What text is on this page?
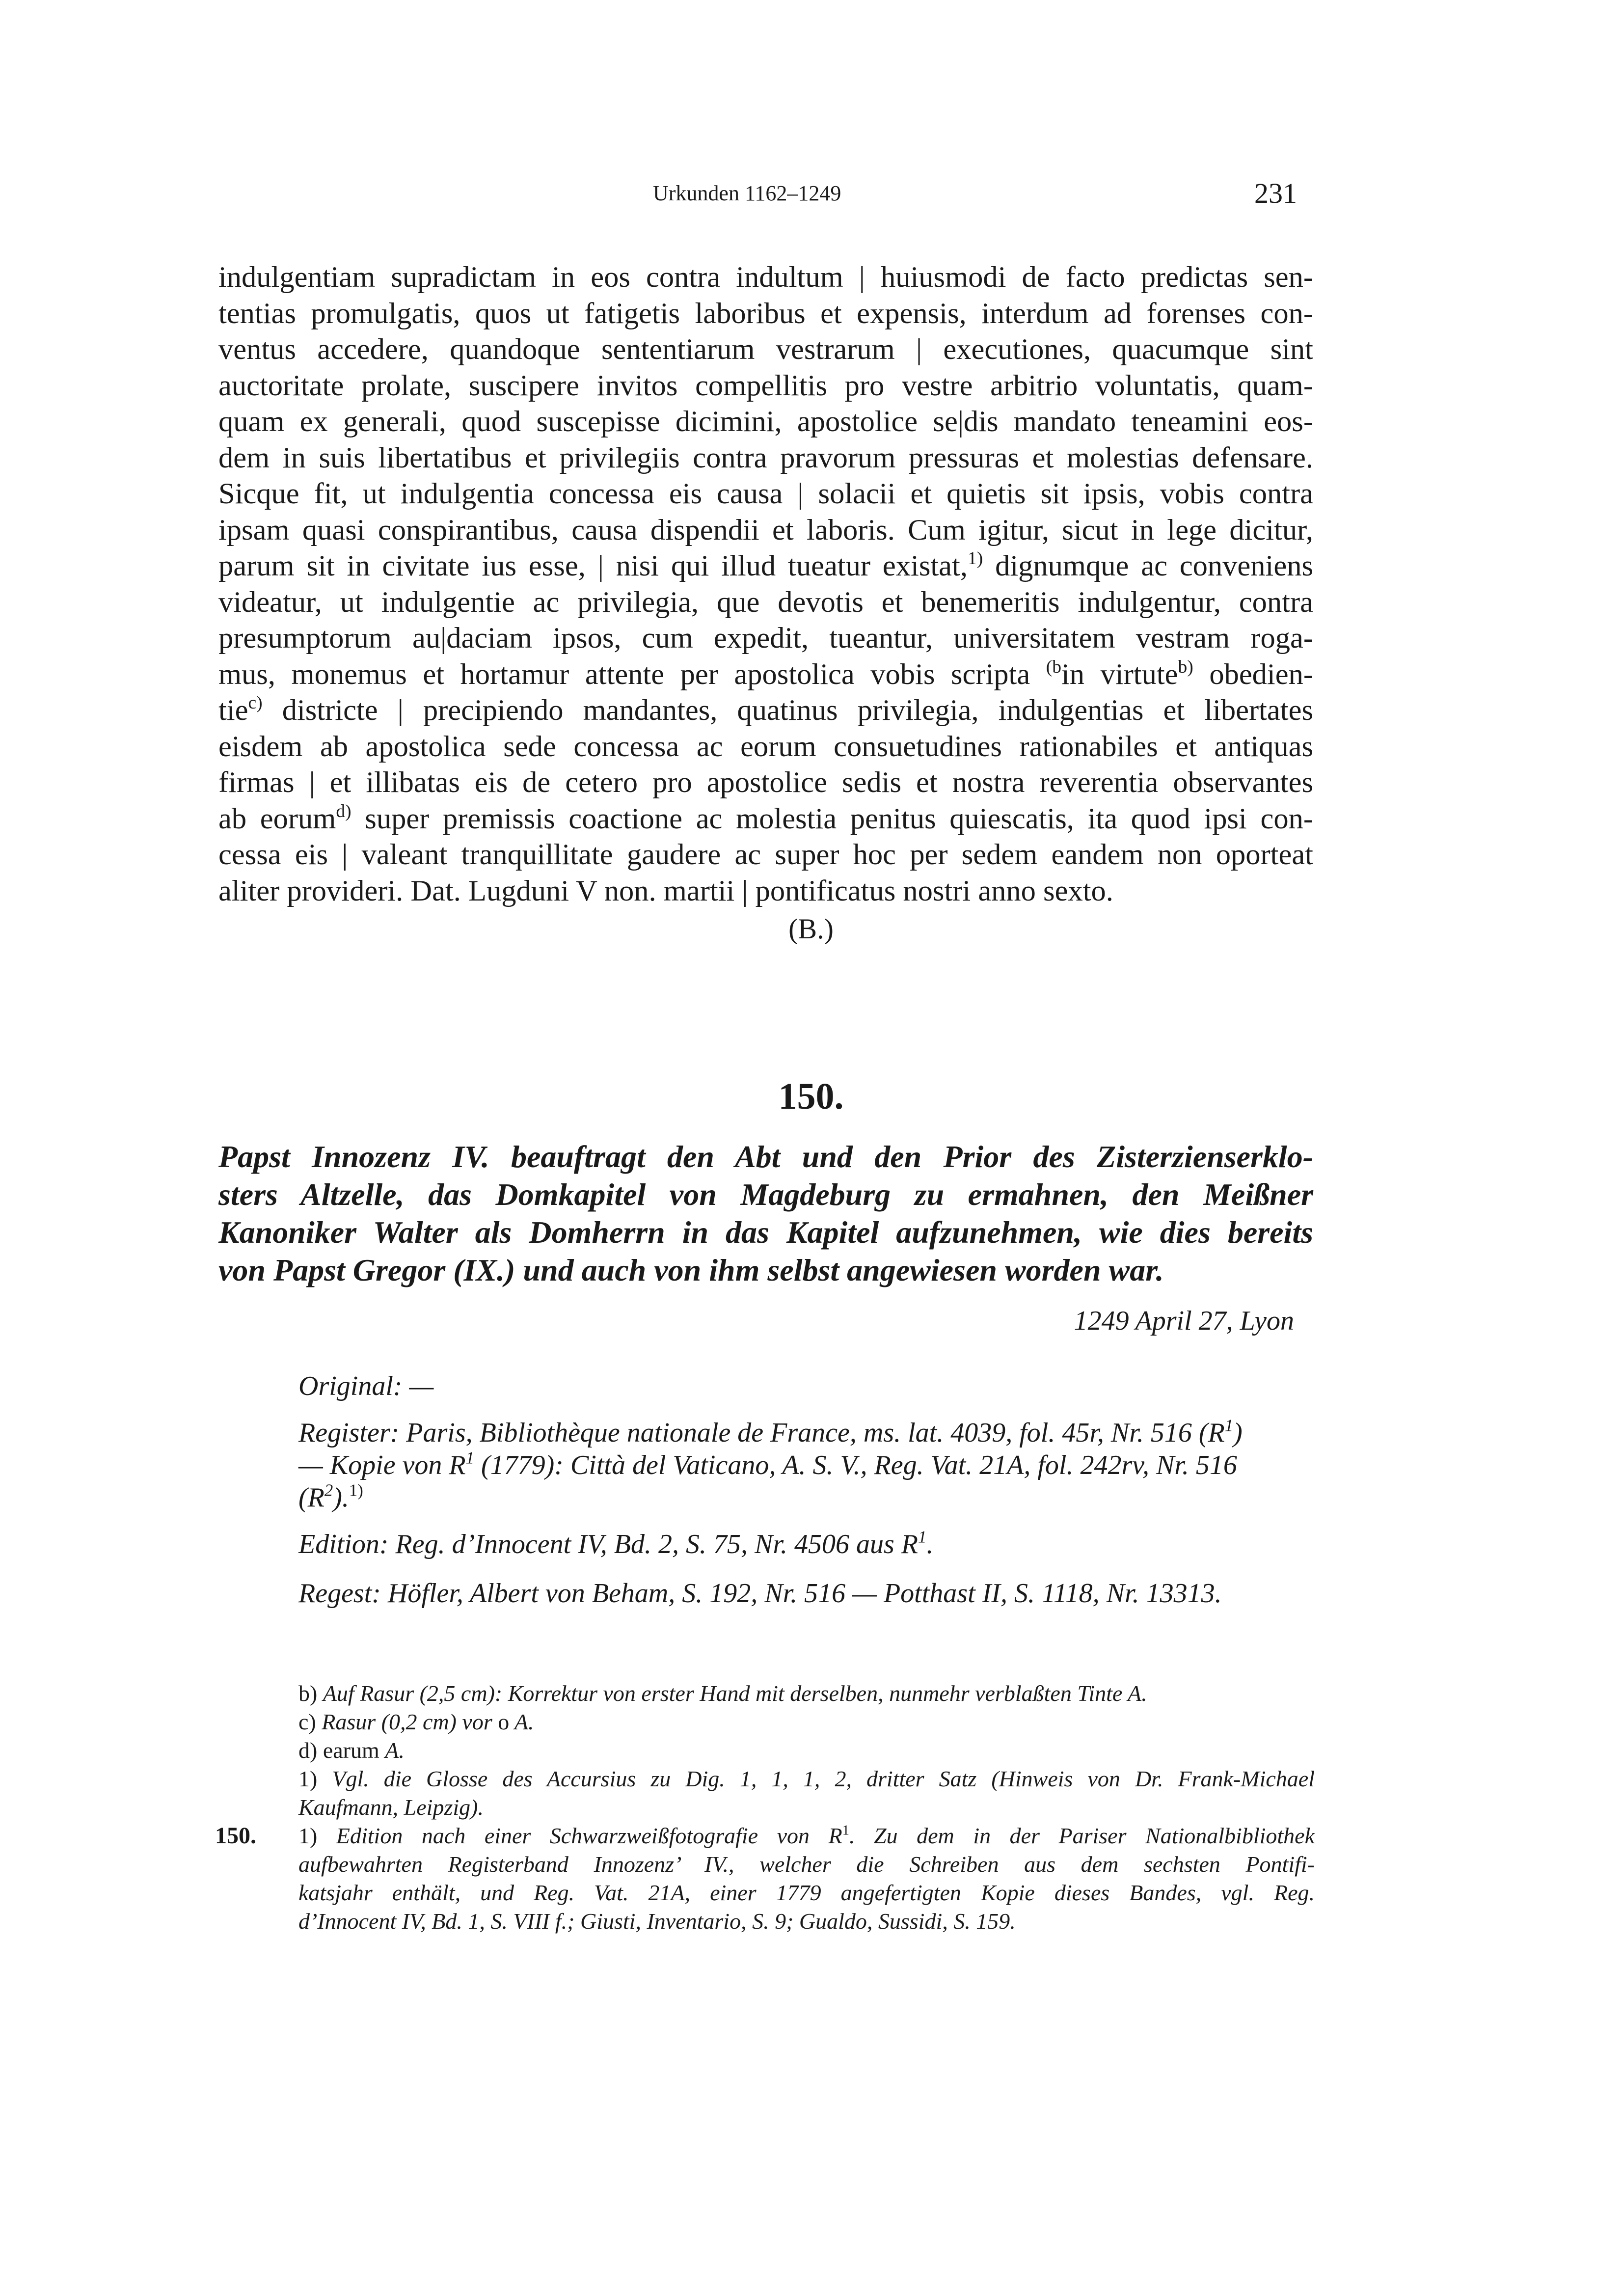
Urkunden 1162–1249	231
indulgentiam supradictam in eos contra indultum | huiusmodi de facto predictas sen-
tentias promulgatis, quos ut fatigetis laboribus et expensis, interdum ad forenses con-
ventus accedere, quandoque sententiarum vestrarum | executiones, quacumque sint
auctoritate prolate, suscipere invitos compellitis pro vestre arbitrio voluntatis, quam-
quam ex generali, quod suscepisse dicimini, apostolice se|dis mandato teneamini eos-
dem in suis libertatibus et privilegiis contra pravorum pressuras et molestias defensare.
Sicque fit, ut indulgentia concessa eis causa | solacii et quietis sit ipsis, vobis contra
ipsam quasi conspirantibus, causa dispendii et laboris. Cum igitur, sicut in lege dicitur,
parum sit in civitate ius esse, | nisi qui illud tueatur existat,$^{1)}$ dignumque ac conveniens
videatur, ut indulgentie ac privilegia, que devotis et benemeritis indulgentur, contra
presumptorum au|daciam ipsos, cum expedit, tueantur, universitatem vestram roga-
mus, monemus et hortamur attente per apostolica vobis scripta $^{(b}$in virtute$^{b)}$ obedien-
tie$^{c)}$ districte | precipiendo mandantes, quatinus privilegia, indulgentias et libertates
eisdem ab apostolica sede concessa ac eorum consuetudines rationabiles et antiquas
firmas | et illibatas eis de cetero pro apostolice sedis et nostra reverentia observantes
ab eorum$^{d)}$ super premissis coactione ac molestia penitus quiescatis, ita quod ipsi con-
cessa eis | valeant tranquillitate gaudere ac super hoc per sedem eandem non oporteat
aliter provideri. Dat. Lugduni V non. martii | pontificatus nostri anno sexto.
(B.)
150.
Papst Innozenz IV. beauftragt den Abt und den Prior des Zisterzienserklo-
sters Altzelle, das Domkapitel von Magdeburg zu ermahnen, den Meißner
Kanoniker Walter als Domherrn in das Kapitel aufzunehmen, wie dies bereits
von Papst Gregor (IX.) und auch von ihm selbst angewiesen worden war.
1249 April 27, Lyon
Original: —
Register: Paris, Bibliothèque nationale de France, ms. lat. 4039, fol. 45r, Nr. 516 $(R^1)$
— Kopie von $R^1$ (1779): Città del Vaticano, A. S. V., Reg. Vat. 21A, fol. 242rv, Nr. 516
$(R^2).^{1)}$
Edition: Reg. d’Innocent IV, Bd. 2, S. 75, Nr. 4506 aus $R^1$.
Regest: Höfler, Albert von Beham, S. 192, Nr. 516 — Potthast II, S. 1118, Nr. 13313.
b) Auf Rasur (2,5 cm): Korrektur von erster Hand mit derselben, nunmehr verblaßten Tinte A.
c) Rasur (0,2 cm) vor o A.
d) earum A.
1) Vgl. die Glosse des Accursius zu Dig. 1, 1, 1, 2, dritter Satz (Hinweis von Dr. Frank-Michael
Kaufmann, Leipzig).
150. 1) Edition nach einer Schwarzweißfotografie von $R^1$. Zu dem in der Pariser Nationalbibliothek
aufbewahrten Registerband Innozenz’ IV., welcher die Schreiben aus dem sechsten Pontifi-
katsjahr enthält, und Reg. Vat. 21A, einer 1779 angefertigten Kopie dieses Bandes, vgl. Reg.
d’Innocent IV, Bd. 1, S. VIII f.; Giusti, Inventario, S. 9; Gualdo, Sussidi, S. 159.
